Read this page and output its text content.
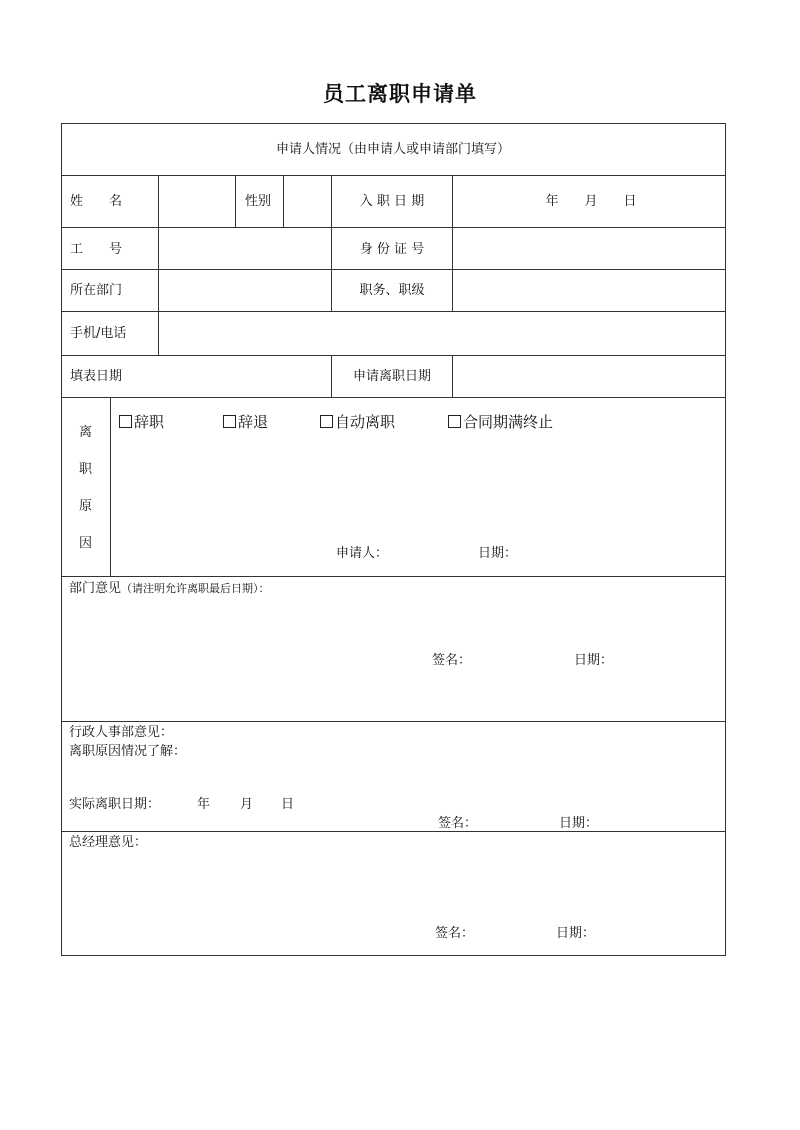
员工离职申请单
申请人情况（由申请人或申请部门填写）
姓　　名	性别	入 职 日 期	年　　月　　日
工　　号	身 份 证 号
所在部门	职务、职级
手机/电话
填表日期	申请离职日期
离
职
原
因
辞职	辞退	自动离职	合同期满终止
申请人：	日期：
部门意见（请注明允许离职最后日期）：
签名：	日期：
行政人事部意见：
离职原因情况了解：
实际离职日期：	年 月 日
签名：	日期：
总经理意见：
签名：	日期：
